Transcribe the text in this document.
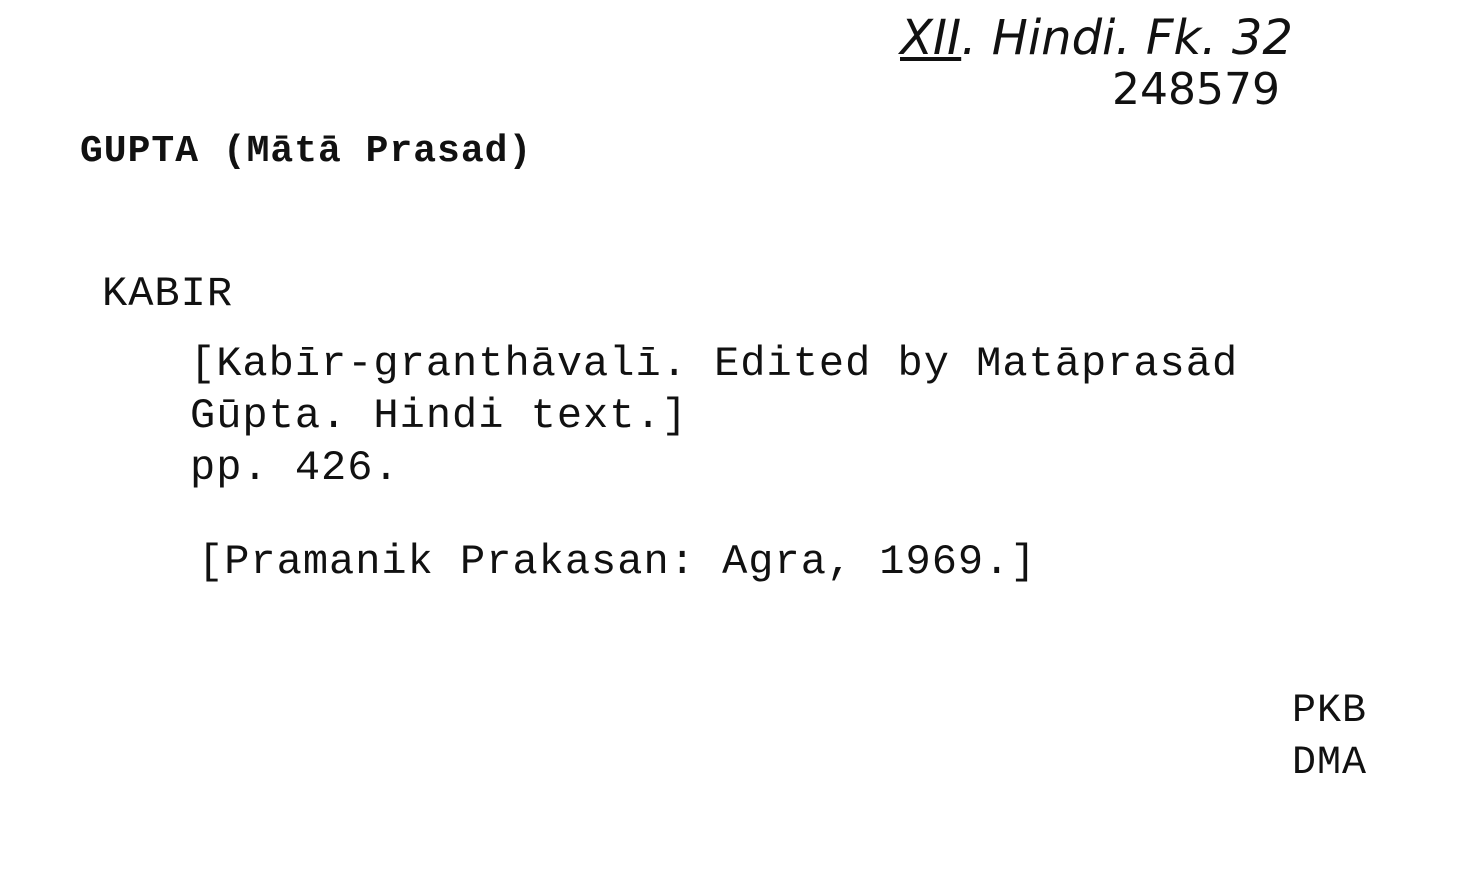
XII. Hindi. Fk. 32
248579
GUPTA (Mātā Prasad)
KABIR
[Kabīr-granthāvalī. Edited by Matāprasād
Gūpta. Hindi text.]
pp. 426.
[Pramanik Prakasan: Agra, 1969.]
PKB
DMA
